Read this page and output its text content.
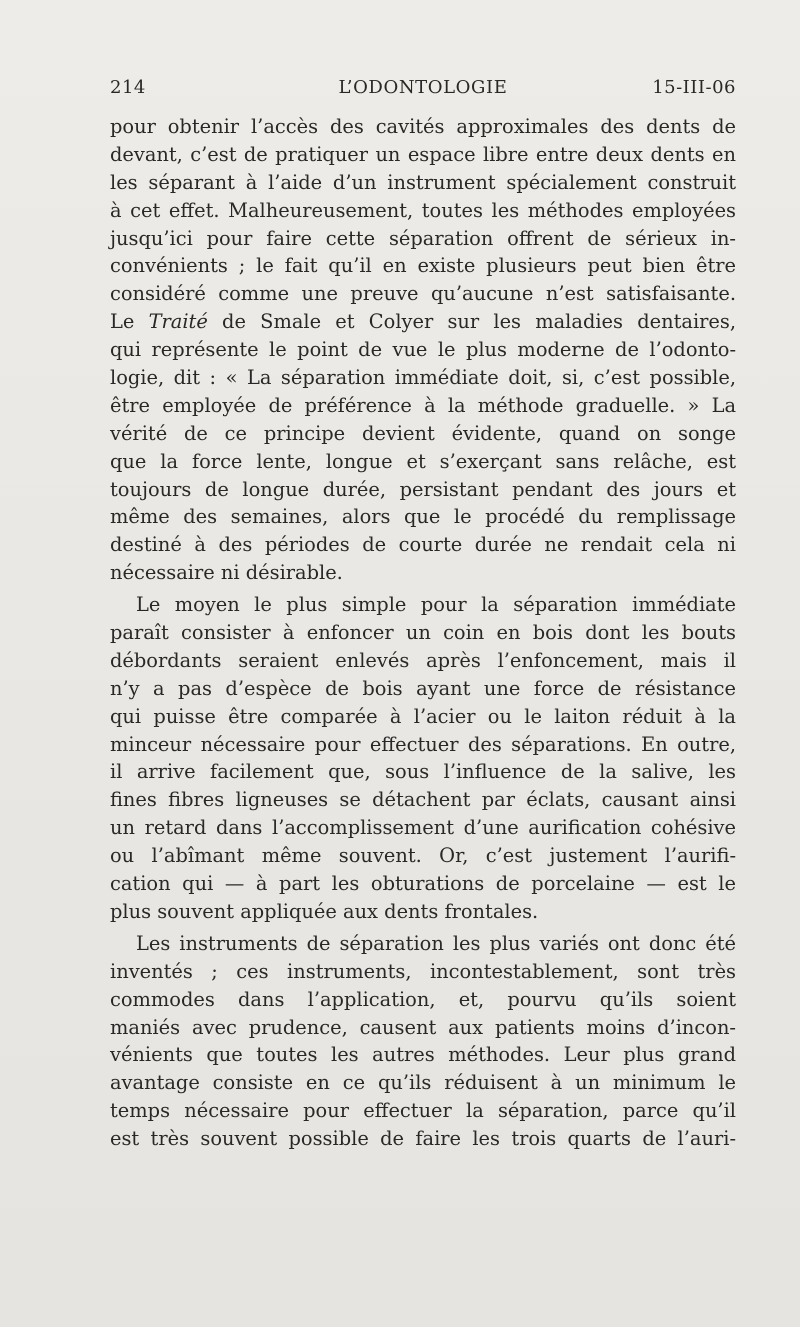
214	L’ODONTOLOGIE	15-III-06
pour obtenir l’accès des cavités approximales des dents de
devant, c’est de pratiquer un espace libre entre deux dents en
les séparant à l’aide d’un instrument spécialement construit
à cet effet. Malheureusement, toutes les méthodes employées
jusqu’ici pour faire cette séparation offrent de sérieux in-
convénients ; le fait qu’il en existe plusieurs peut bien être
considéré comme une preuve qu’aucune n’est satisfaisante.
Le Traité de Smale et Colyer sur les maladies dentaires,
qui représente le point de vue le plus moderne de l’odonto-
logie, dit : « La séparation immédiate doit, si, c’est possible,
être employée de préférence à la méthode graduelle. » La
vérité de ce principe devient évidente, quand on songe
que la force lente, longue et s’exerçant sans relâche, est
toujours de longue durée, persistant pendant des jours et
même des semaines, alors que le procédé du remplissage
destiné à des périodes de courte durée ne rendait cela ni
nécessaire ni désirable.
Le moyen le plus simple pour la séparation immédiate
paraît consister à enfoncer un coin en bois dont les bouts
débordants seraient enlevés après l’enfoncement, mais il
n’y a pas d’espèce de bois ayant une force de résistance
qui puisse être comparée à l’acier ou le laiton réduit à la
minceur nécessaire pour effectuer des séparations. En outre,
il arrive facilement que, sous l’influence de la salive, les
fines fibres ligneuses se détachent par éclats, causant ainsi
un retard dans l’accomplissement d’une aurification cohésive
ou l’abîmant même souvent. Or, c’est justement l’aurifi-
cation qui — à part les obturations de porcelaine — est le
plus souvent appliquée aux dents frontales.
Les instruments de séparation les plus variés ont donc été
inventés ; ces instruments, incontestablement, sont très
commodes dans l’application, et, pourvu qu’ils soient
maniés avec prudence, causent aux patients moins d’incon-
vénients que toutes les autres méthodes. Leur plus grand
avantage consiste en ce qu’ils réduisent à un minimum le
temps nécessaire pour effectuer la séparation, parce qu’il
est très souvent possible de faire les trois quarts de l’auri-
